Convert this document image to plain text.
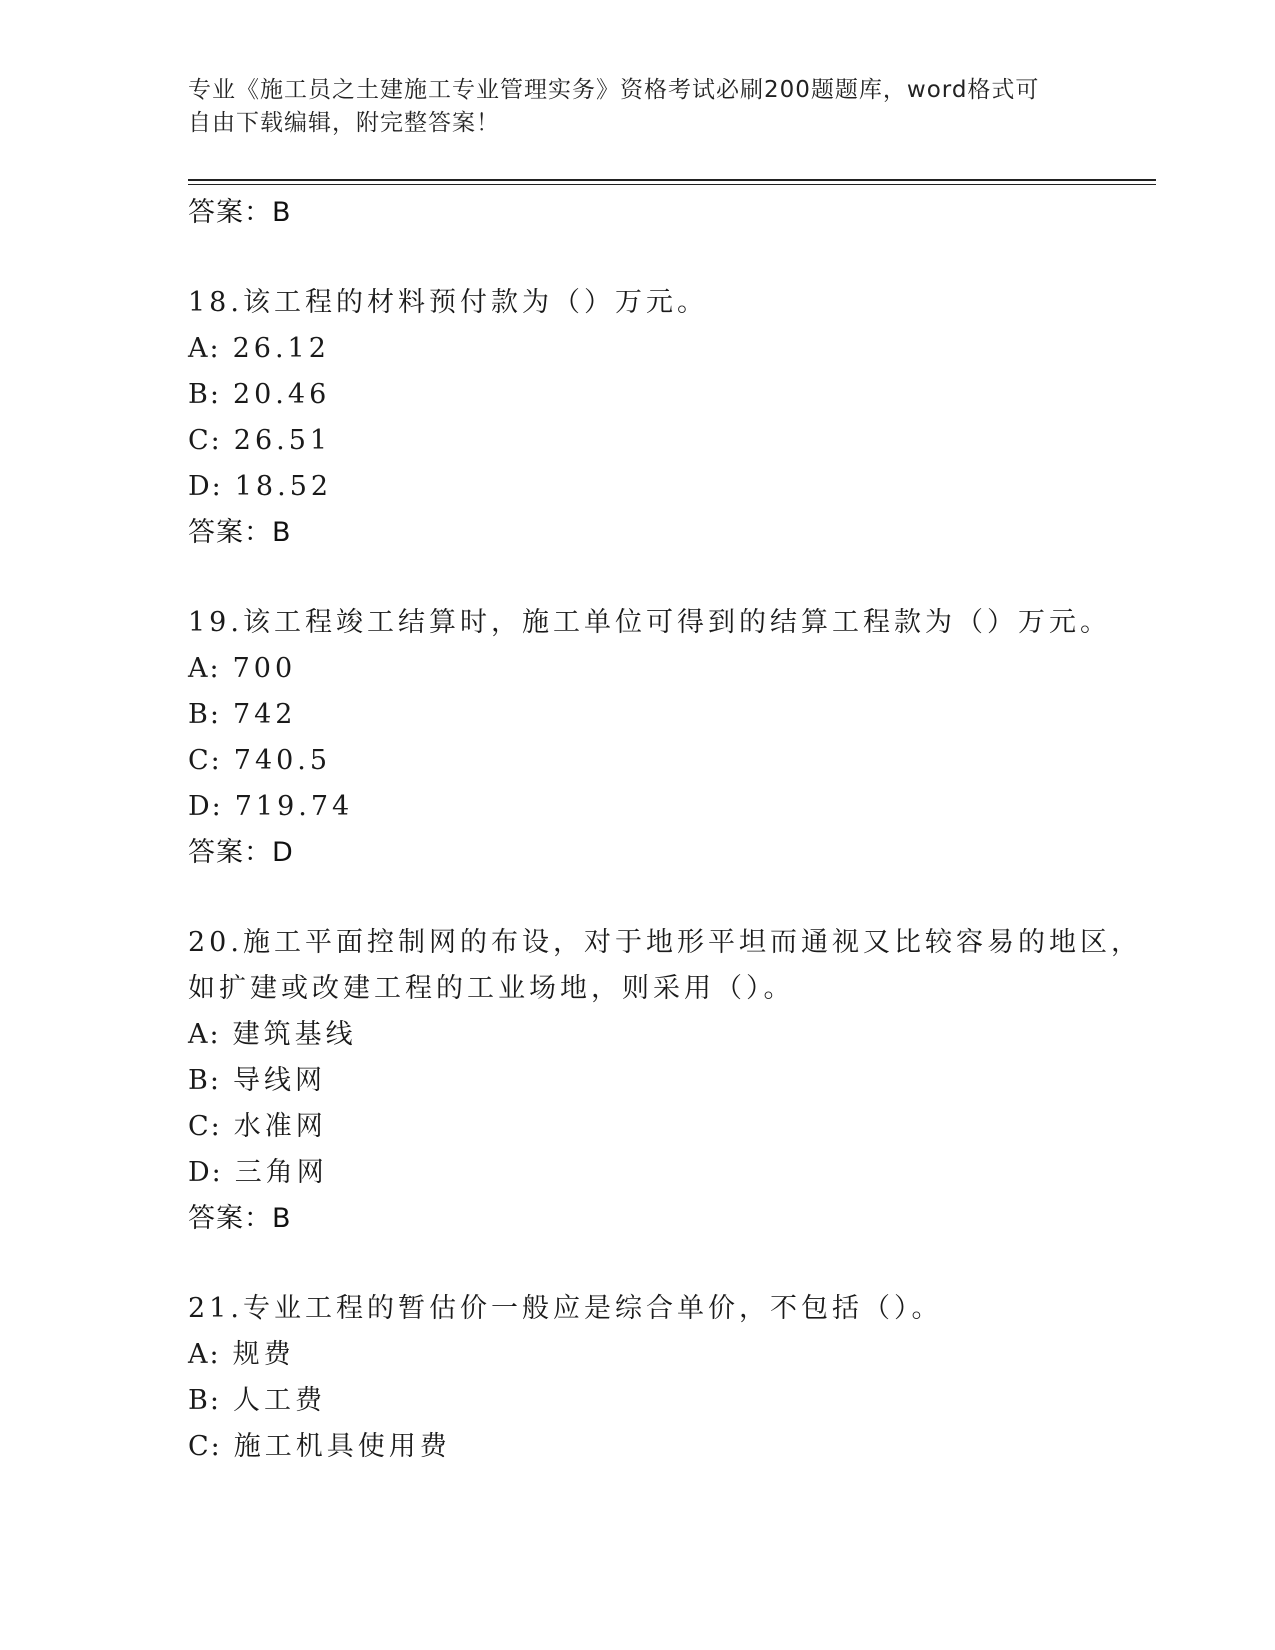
专业《施工员之土建施工专业管理实务》资格考试必刷200题题库，word格式可
自由下载编辑，附完整答案！
答案：B
18.该工程的材料预付款为（）万元。
A: 26.12
B: 20.46
C: 26.51
D: 18.52
答案：B
19.该工程竣工结算时，施工单位可得到的结算工程款为（）万元。
A: 700
B: 742
C: 740.5
D: 719.74
答案：D
20.施工平面控制网的布设，对于地形平坦而通视又比较容易的地区，
如扩建或改建工程的工业场地，则采用（）。
A: 建筑基线
B: 导线网
C: 水准网
D: 三角网
答案：B
21.专业工程的暂估价一般应是综合单价，不包括（）。
A: 规费
B: 人工费
C: 施工机具使用费
